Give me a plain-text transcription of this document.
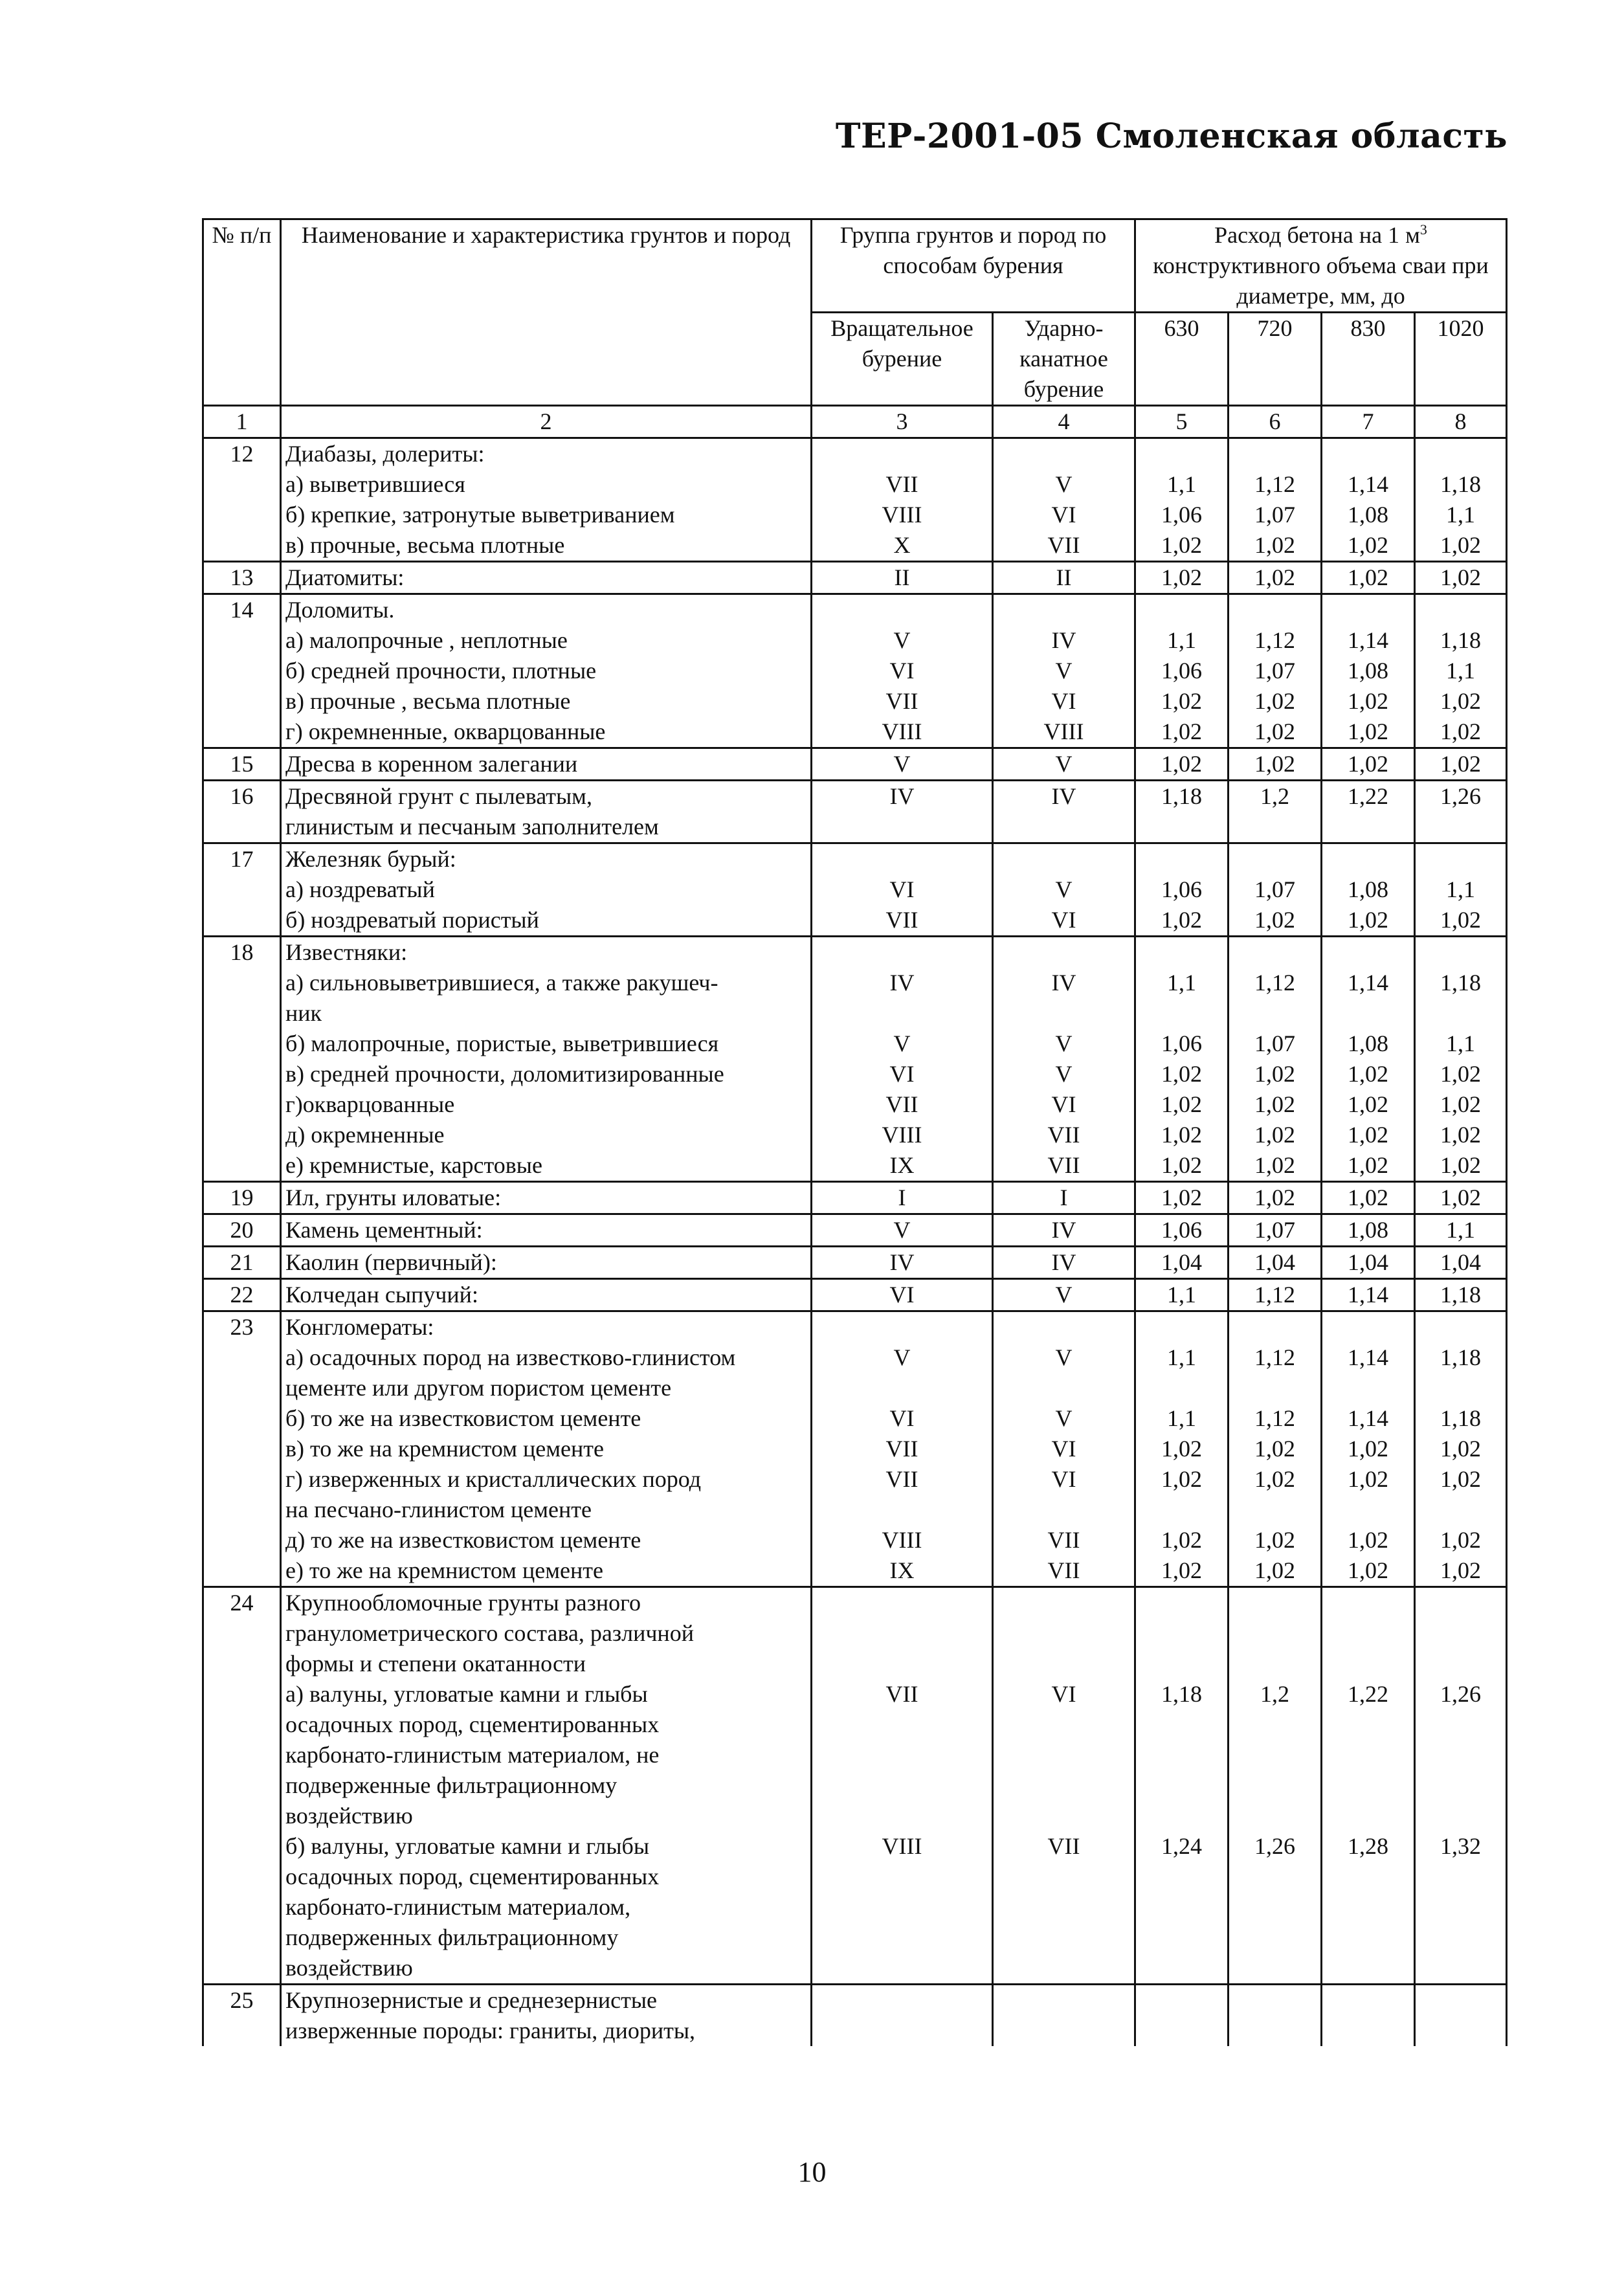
ТЕР-2001-05 Смоленская область
№ п/п	Наименование и характеристика грунтов и пород	Группа грунтов и пород по способам бурения		Расход бетона на 1 $м^3$ конструктивного объема сваи при диаметре, мм, до			
		Вращательное бурение	Ударно-канатное бурение	630	720	830	1020
1	2	3	4	5	6	7	8
12	Диабазы, долериты:						
	а) выветрившиеся	VII	V	1,1	1,12	1,14	1,18
	б) крепкие, затронутые выветриванием	VIII	VI	1,06	1,07	1,08	1,1
	в) прочные, весьма плотные	X	VII	1,02	1,02	1,02	1,02
13	Диатомиты:	II	II	1,02	1,02	1,02	1,02
14	Доломиты.						
	а) малопрочные , неплотные	V	IV	1,1	1,12	1,14	1,18
	б) средней прочности, плотные	VI	V	1,06	1,07	1,08	1,1
	в) прочные , весьма плотные	VII	VI	1,02	1,02	1,02	1,02
	г) окремненные, окварцованные	VIII	VIII	1,02	1,02	1,02	1,02
15	Дресва в коренном залегании	V	V	1,02	1,02	1,02	1,02
16	Дресвяной грунт с пылеватым,	IV	IV	1,18	1,2	1,22	1,26
	глинистым и песчаным заполнителем						
17	Железняк бурый:						
	а) ноздреватый	VI	V	1,06	1,07	1,08	1,1
	б) ноздреватый пористый	VII	VI	1,02	1,02	1,02	1,02
18	Известняки:						
	а) сильновыветрившиеся, а также ракушеч-	IV	IV	1,1	1,12	1,14	1,18
	ник						
	б) малопрочные, пористые, выветрившиеся	V	V	1,06	1,07	1,08	1,1
	в) средней прочности, доломитизированные	VI	V	1,02	1,02	1,02	1,02
	г)окварцованные	VII	VI	1,02	1,02	1,02	1,02
	д) окремненные	VIII	VII	1,02	1,02	1,02	1,02
	е) кремнистые, карстовые	IX	VII	1,02	1,02	1,02	1,02
19	Ил, грунты иловатые:	I	I	1,02	1,02	1,02	1,02
20	Камень цементный:	V	IV	1,06	1,07	1,08	1,1
21	Каолин (первичный):	IV	IV	1,04	1,04	1,04	1,04
22	Колчедан сыпучий:	VI	V	1,1	1,12	1,14	1,18
23	Конгломераты:						
	а) осадочных пород на известково-глинистом	V	V	1,1	1,12	1,14	1,18
	цементе или другом пористом цементе						
	б) то же на известковистом цементе	VI	V	1,1	1,12	1,14	1,18
	в) то же на кремнистом цементе	VII	VI	1,02	1,02	1,02	1,02
	г) изверженных и кристаллических пород	VII	VI	1,02	1,02	1,02	1,02
	на песчано-глинистом цементе						
	д) то же на известковистом цементе	VIII	VII	1,02	1,02	1,02	1,02
	е) то же на кремнистом цементе	IX	VII	1,02	1,02	1,02	1,02
24	Крупнообломочные грунты разного						
	гранулометрического состава, различной						
	формы и степени окатанности						
	а) валуны, угловатые камни и глыбы	VII	VI	1,18	1,2	1,22	1,26
	осадочных пород, сцементированных						
	карбонато-глинистым материалом, не						
	подверженные фильтрационному						
	воздействию						
	б) валуны, угловатые камни и глыбы	VIII	VII	1,24	1,26	1,28	1,32
	осадочных пород, сцементированных						
	карбонато-глинистым материалом,						
	подверженных фильтрационному						
	воздействию						
25	Крупнозернистые и среднезернистые						
	изверженные породы: граниты, диориты,						
10
